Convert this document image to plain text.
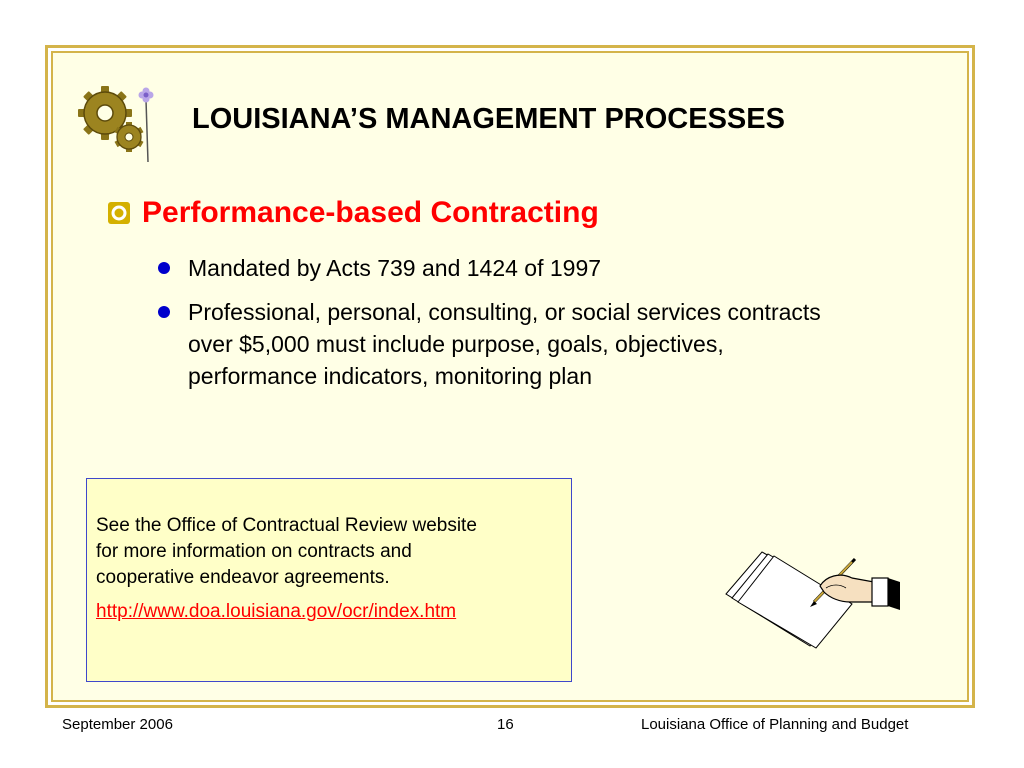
LOUISIANA’S MANAGEMENT PROCESSES
Performance-based Contracting
Mandated by Acts 739 and 1424 of 1997
Professional, personal, consulting, or social services contracts
over $5,000 must include purpose, goals, objectives,
performance indicators, monitoring plan

See the Office of Contractual Review website
for more information on contracts and
cooperative endeavor agreements.

http://www.doa.louisiana.gov/ocr/index.htm
September 2006	16	Louisiana Office of Planning and Budget
